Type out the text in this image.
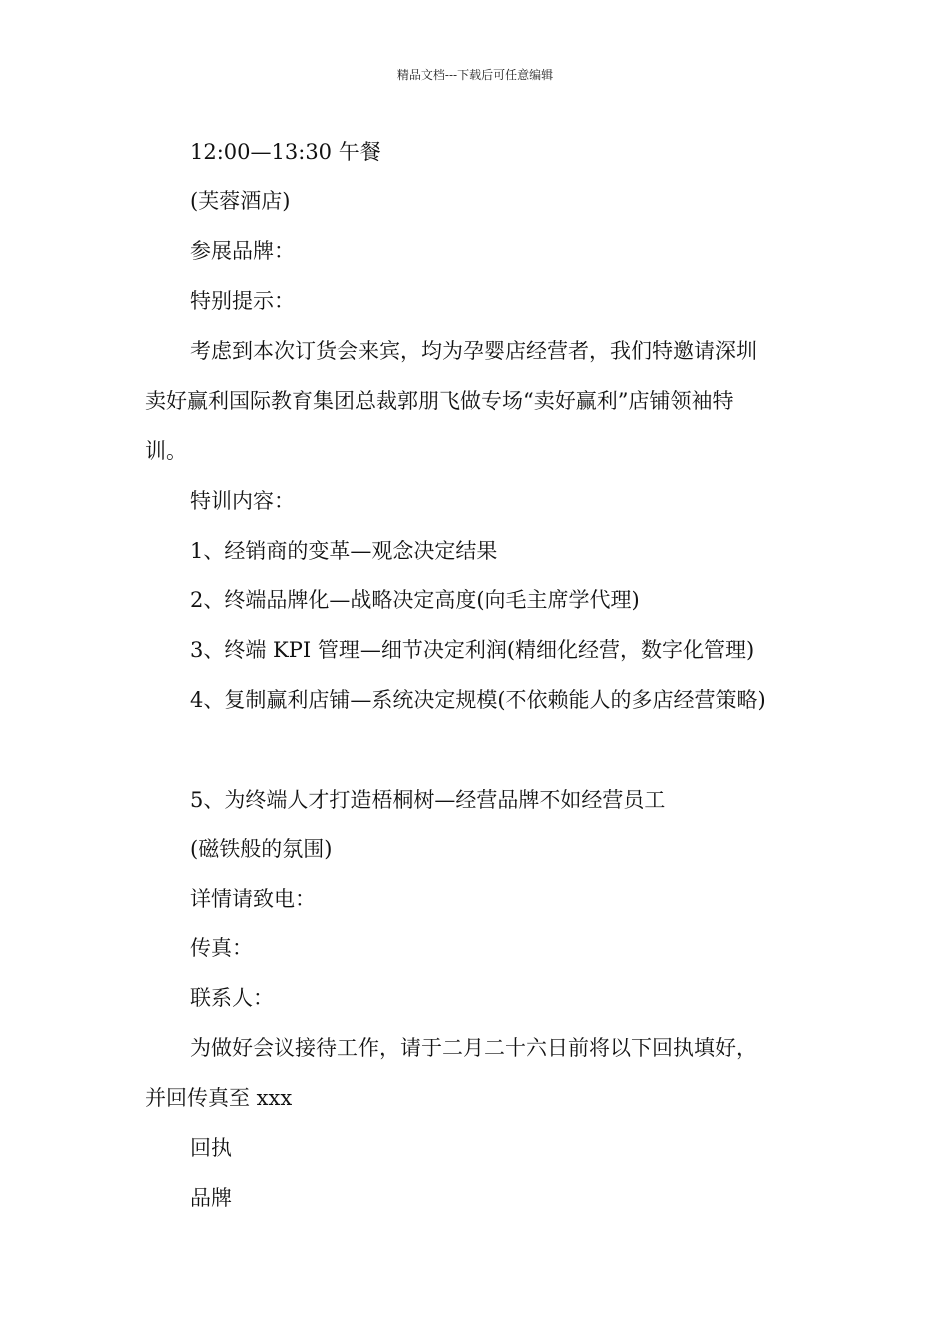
精品文档---下载后可任意编辑
12:00—13:30 午餐
(芙蓉酒店)
参展品牌：
特别提示：
考虑到本次订货会来宾，均为孕婴店经营者，我们特邀请深圳
卖好赢利国际教育集团总裁郭朋飞做专场“卖好赢利”店铺领袖特
训。
特训内容：
1、经销商的变革—观念决定结果
2、终端品牌化—战略决定高度(向毛主席学代理)
3、终端 KPI 管理—细节决定利润(精细化经营，数字化管理)
4、复制赢利店铺—系统决定规模(不依赖能人的多店经营策略)
5、为终端人才打造梧桐树—经营品牌不如经营员工
(磁铁般的氛围)
详情请致电：
传真：
联系人：
为做好会议接待工作，请于二月二十六日前将以下回执填好，
并回传真至 xxx
回执
品牌
